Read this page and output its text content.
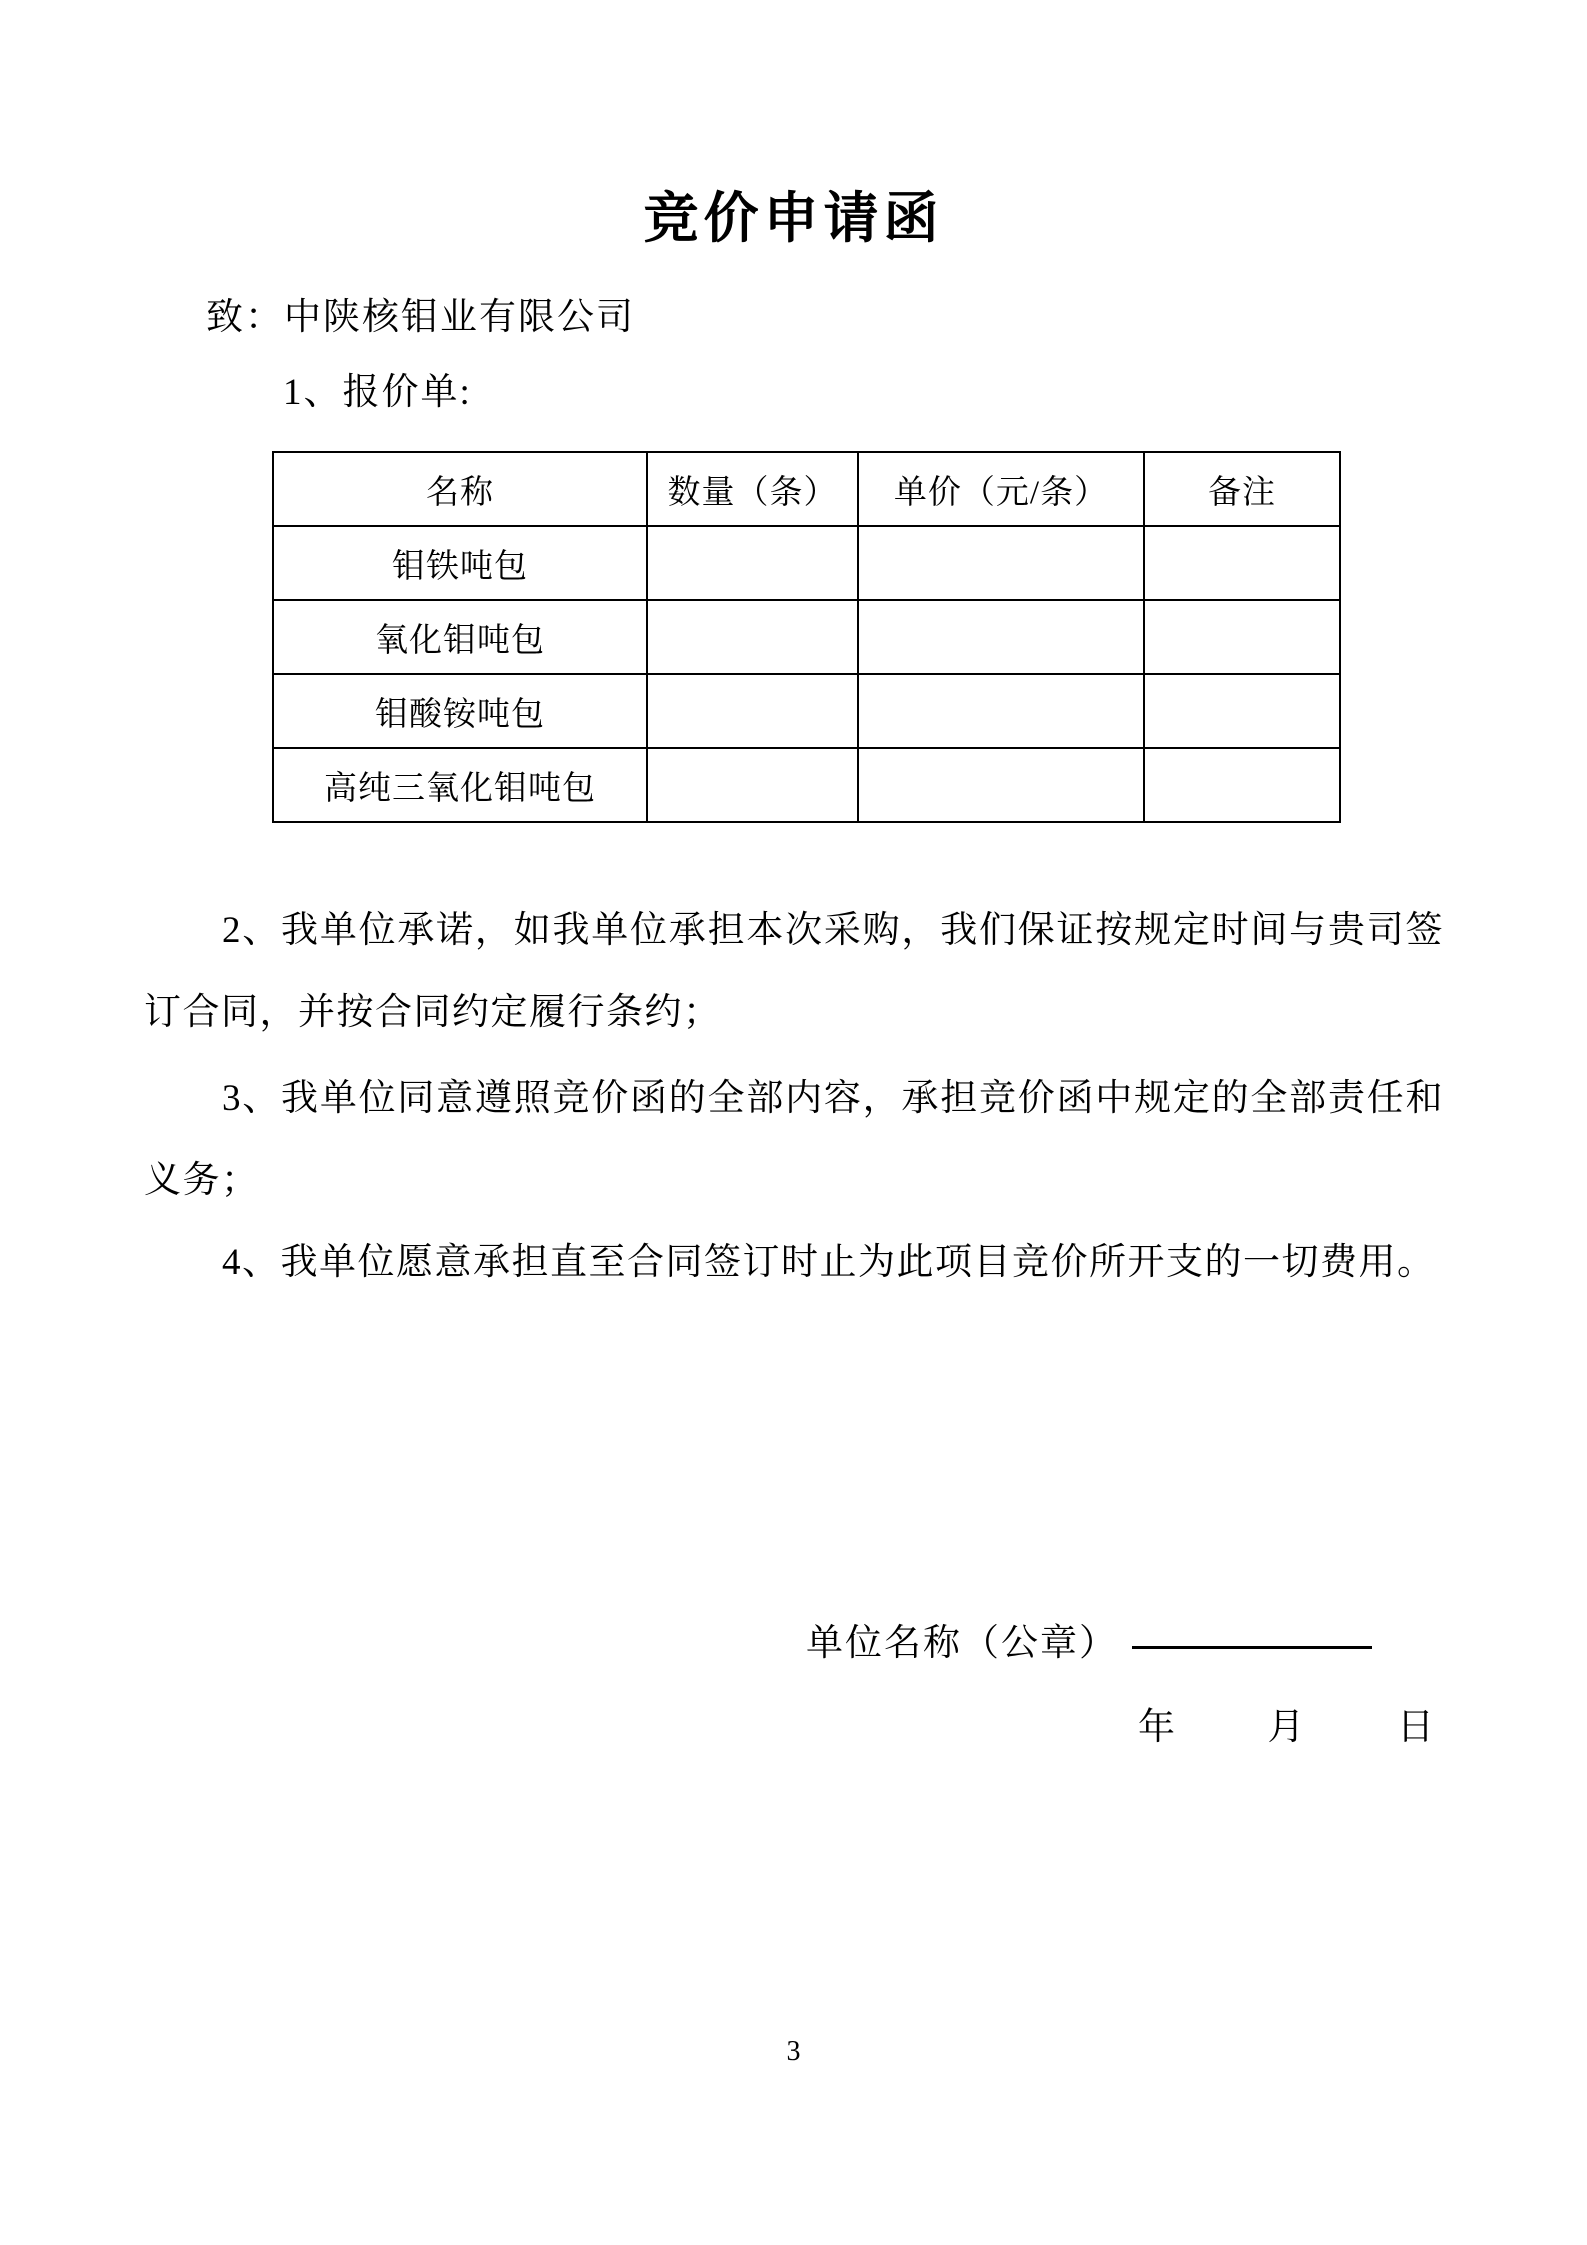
竞价申请函
致：中陕核钼业有限公司
1、报价单:
名称	数量（条）	单价（元/条）	备注
钼铁吨包			
氧化钼吨包			
钼酸铵吨包			
高纯三氧化钼吨包			
2、我单位承诺，如我单位承担本次采购，我们保证按规定时间与贵司签订合同，并按合同约定履行条约；
3、我单位同意遵照竞价函的全部内容，承担竞价函中规定的全部责任和义务；
4、我单位愿意承担直至合同签订时止为此项目竞价所开支的一切费用。
单位名称（公章）
年	月	日
3
